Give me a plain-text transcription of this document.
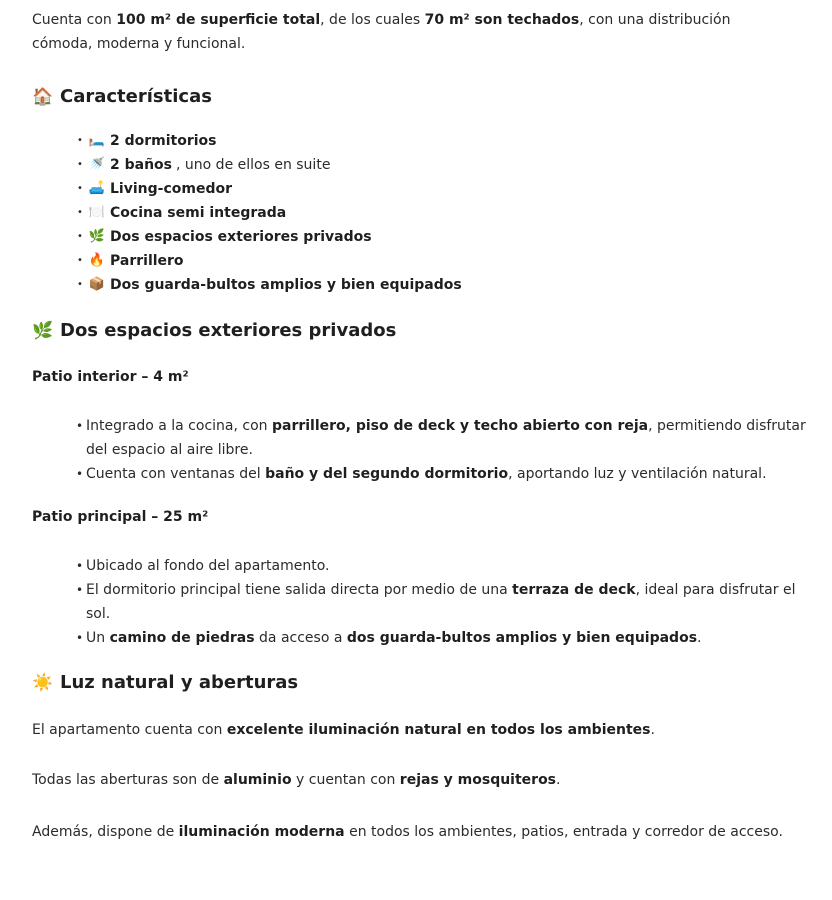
Cuenta con 100 m² de superficie total, de los cuales 70 m² son techados, con una distribución cómoda, moderna y funcional.

🏠 Características
• 🛏️ 2 dormitorios
• 🚿 2 baños , uno de ellos en suite
• 🛋️ Living-comedor
• 🍽️ Cocina semi integrada
• 🌿 Dos espacios exteriores privados
• 🔥 Parrillero
• 📦 Dos guarda-bultos amplios y bien equipados
🌿 Dos espacios exteriores privados
Patio interior – 4 m²
• Integrado a la cocina, con parrillero, piso de deck y techo abierto con reja, permitiendo disfrutar del espacio al aire libre.
• Cuenta con ventanas del baño y del segundo dormitorio, aportando luz y ventilación natural.
Patio principal – 25 m²
• Ubicado al fondo del apartamento.
• El dormitorio principal tiene salida directa por medio de una terraza de deck, ideal para disfrutar el sol.
• Un camino de piedras da acceso a dos guarda-bultos amplios y bien equipados.
☀️ Luz natural y aberturas

El apartamento cuenta con excelente iluminación natural en todos los ambientes.

Todas las aberturas son de aluminio y cuentan con rejas y mosquiteros.

Además, dispone de iluminación moderna en todos los ambientes, patios, entrada y corredor de acceso.
